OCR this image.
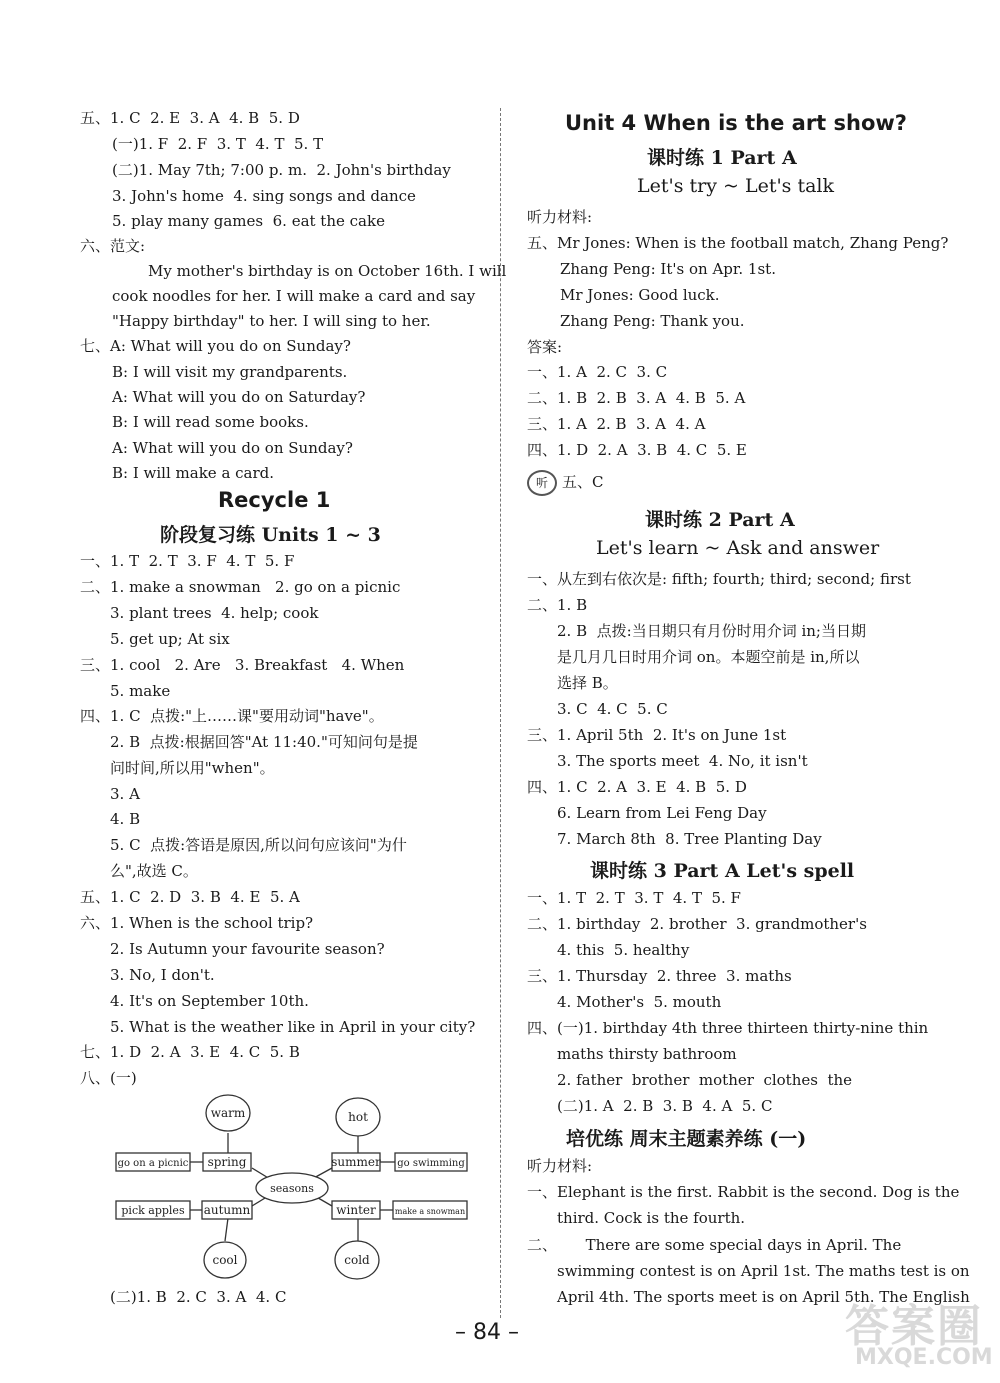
五、1. C  2. E  3. A  4. B  5. D
(一)1. F  2. F  3. T  4. T  5. T
(二)1. May 7th; 7:00 p. m.  2. John's birthday
3. John's home  4. sing songs and dance
5. play many games  6. eat the cake
六、范文:
My mother's birthday is on October 16th. I will
cook noodles for her. I will make a card and say
"Happy birthday" to her. I will sing to her.
七、A: What will you do on Sunday?
B: I will visit my grandparents.
A: What will you do on Saturday?
B: I will read some books.
A: What will you do on Sunday?
B: I will make a card.
Recycle 1
阶段复习练 Units 1 ~ 3
一、1. T  2. T  3. F  4. T  5. F
二、1. make a snowman   2. go on a picnic
3. plant trees  4. help; cook
5. get up; At six
三、1. cool   2. Are   3. Breakfast   4. When
5. make
四、1. C  点拨:"上……课"要用动词"have"。
2. B  点拨:根据回答"At 11:40."可知问句是提
问时间,所以用"when"。
3. A
4. B
5. C  点拨:答语是原因,所以问句应该问"为什
么",故选 C。
五、1. C  2. D  3. B  4. E  5. A
六、1. When is the school trip?
2. Is Autumn your favourite season?
3. No, I don't.
4. It's on September 10th.
5. What is the weather like in April in your city?
七、1. D  2. A  3. E  4. C  5. B
八、(一)
warm	hot
cool	cold
seasons
spring	summer
autumn	winter
go on a picnic	go swimming
pick apples	make a snowman
(二)1. B  2. C  3. A  4. C
Unit 4 When is the art show?
课时练 1 Part A
Let's try ~ Let's talk
听力材料:
五、Mr Jones: When is the football match, Zhang Peng?
Zhang Peng: It's on Apr. 1st.
Mr Jones: Good luck.
Zhang Peng: Thank you.
答案:
一、1. A  2. C  3. C
二、1. B  2. B  3. A  4. B  5. A
三、1. A  2. B  3. A  4. A
四、1. D  2. A  3. B  4. C  5. E
听 五、C
课时练 2 Part A
Let's learn ~ Ask and answer
一、从左到右依次是: fifth; fourth; third; second; first
二、1. B
2. B  点拨:当日期只有月份时用介词 in;当日期
是几月几日时用介词 on。本题空前是 in,所以
选择 B。
3. C  4. C  5. C
三、1. April 5th  2. It's on June 1st
3. The sports meet  4. No, it isn't
四、1. C  2. A  3. E  4. B  5. D
6. Learn from Lei Feng Day
7. March 8th  8. Tree Planting Day
课时练 3 Part A Let's spell
一、1. T  2. T  3. T  4. T  5. F
二、1. birthday  2. brother  3. grandmother's
4. this  5. healthy
三、1. Thursday  2. three  3. maths
4. Mother's  5. mouth
四、(一)1. birthday 4th three thirteen thirty-nine thin
maths thirsty bathroom
2. father  brother  mother  clothes  the
(二)1. A  2. B  3. B  4. A  5. C
培优练 周末主题素养练 (一)
听力材料:
一、Elephant is the first. Rabbit is the second. Dog is the
third. Cock is the fourth.
二、      There are some special days in April. The
swimming contest is on April 1st. The maths test is on
April 4th. The sports meet is on April 5th. The English
– 84 –	答案圈
MXQE.COM
